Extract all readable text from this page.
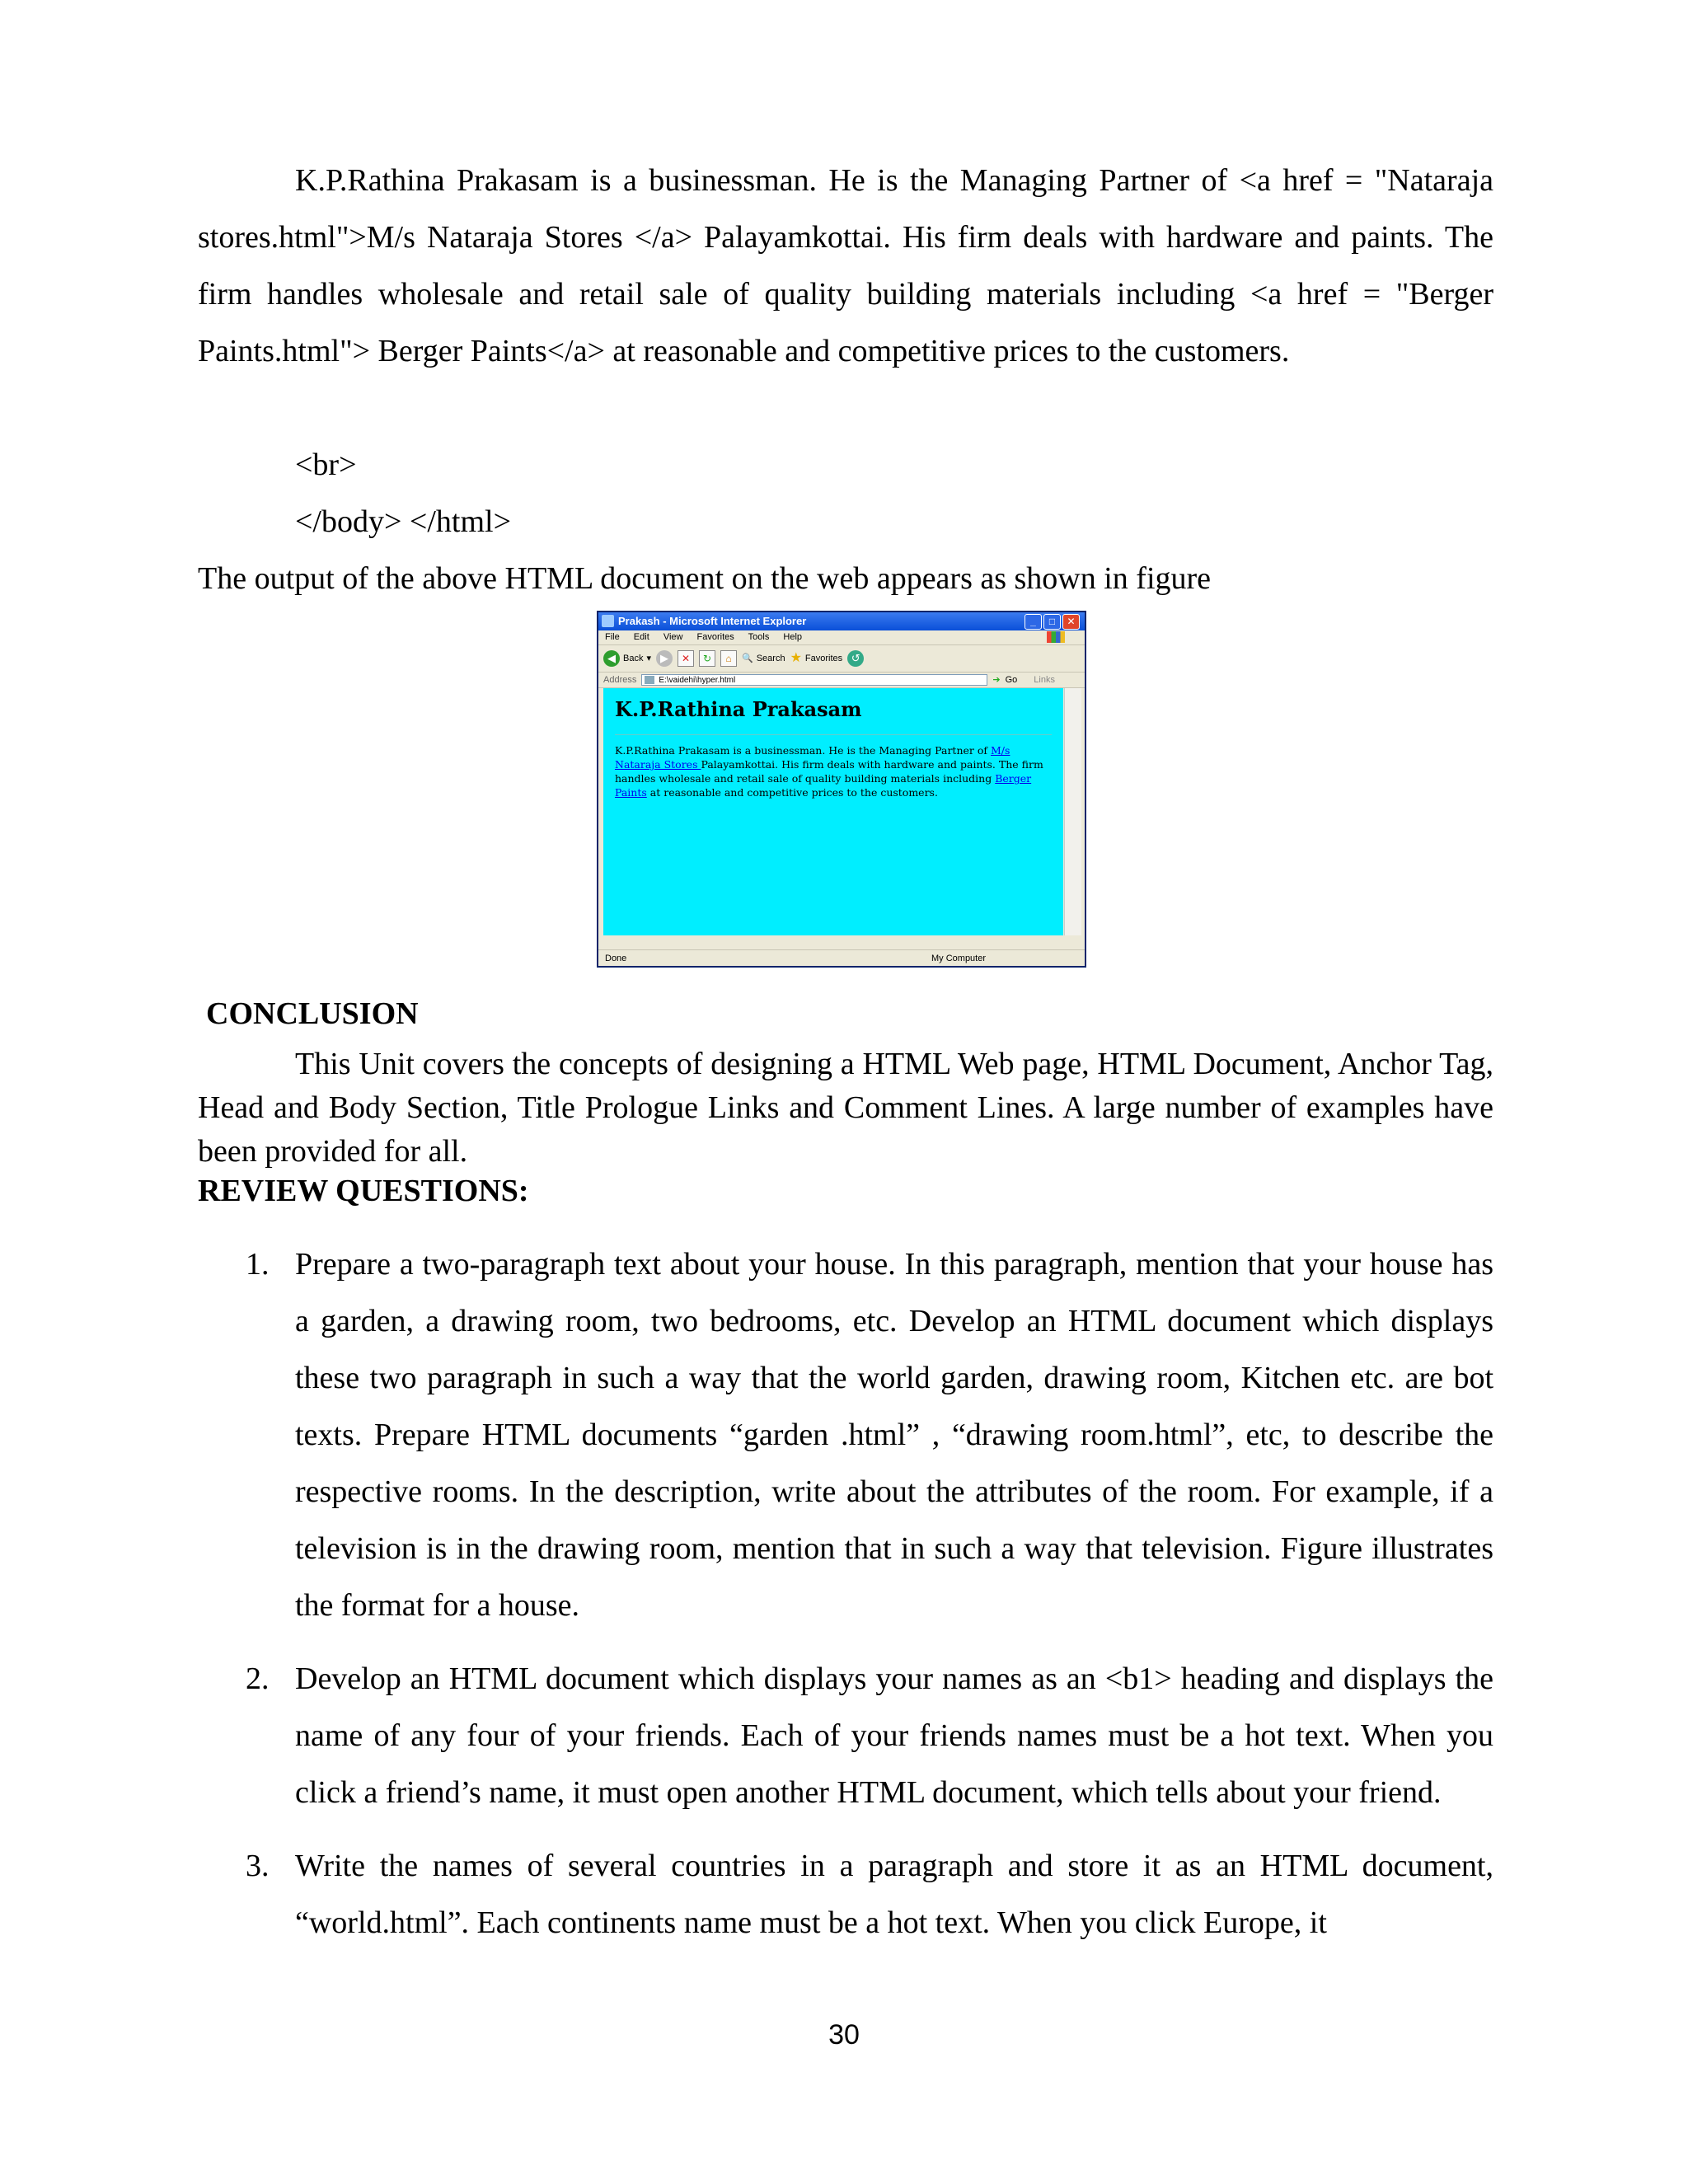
K.P.Rathina Prakasam is a businessman. He is the Managing Partner of <a href = "Nataraja stores.html">M/s Nataraja Stores </a> Palayamkottai. His firm deals with hardware and paints. The firm handles wholesale and retail sale of quality building materials including <a href = "Berger Paints.html"> Berger Paints</a> at reasonable and competitive prices to the customers.

<br>

</body> </html>

The output of the above HTML document on the web appears as shown in figure

Prakash - Microsoft Internet Explorer	_	□	✕
File Edit View Favorites Tools Help
◀ Back ▾ ▶	✕	↻	⌂	🔍 Search ★ Favorites ↺
Address	E:\vaidehi\hyper.html	➔ Go Links
K.P.Rathina Prakasam

K.P.Rathina Prakasam is a businessman. He is the Managing Partner of M/s Nataraja Stores Palayamkottai. His firm deals with hardware and paints. The firm handles wholesale and retail sale of quality building materials including Berger Paints at reasonable and competitive prices to the customers.

Done	My Computer
CONCLUSION

This Unit covers the concepts of designing a HTML Web page, HTML Document, Anchor Tag, Head and Body Section, Title Prologue Links and Comment Lines. A large number of examples have been provided for all.

REVIEW QUESTIONS:

1. Prepare a two-paragraph text about your house. In this paragraph, mention that your house has a garden, a drawing room, two bedrooms, etc. Develop an HTML document which displays these two paragraph in such a way that the world garden, drawing room, Kitchen etc. are bot texts. Prepare HTML documents “garden .html” , “drawing room.html”, etc, to describe the respective rooms. In the description, write about the attributes of the room. For example, if a television is in the drawing room, mention that in such a way that television. Figure illustrates the format for a house.

2. Develop an HTML document which displays your names as an <b1> heading and displays the name of any four of your friends. Each of your friends names must be a hot text. When you click a friend’s name, it must open another HTML document, which tells about your friend.

3. Write the names of several countries in a paragraph and store it as an HTML document, “world.html”. Each continents name must be a hot text. When you click Europe, it

30
